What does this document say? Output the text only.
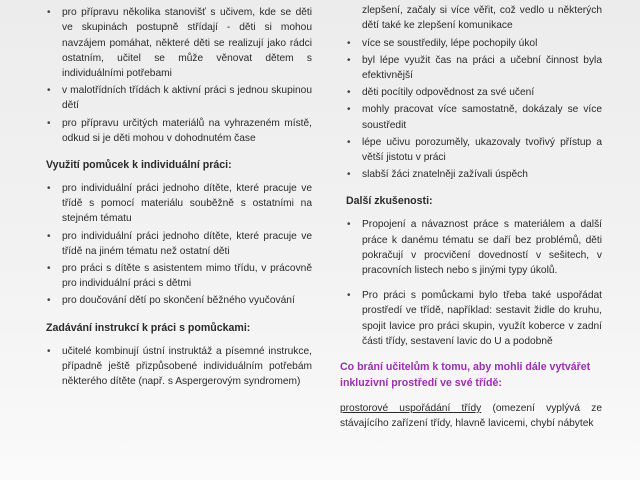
•
• pro přípravu několika stanovišť s učivem, kde se děti ve skupinách postupně střídají - děti si mohou navzájem pomáhat, některé děti se realizují jako rádci ostatním, učitel se může věnovat dětem s individuálními potřebami
• v malotřídních třídách k aktivní práci s jednou skupinou dětí
• pro přípravu určitých materiálů na vyhrazeném místě, odkud si je děti mohou v dohodnutém čase
Využití pomůcek k individuální práci:
• pro individuální práci jednoho dítěte, které pracuje ve třídě s pomocí materiálu souběžně s ostatními na stejném tématu
• pro individuální práci jednoho dítěte, které pracuje ve třídě na jiném tématu než ostatní děti
• pro práci s dítěte s asistentem mimo třídu, v prácovně pro individuální práci s dětmi
• pro doučování dětí po skončení běžného vyučování
Zadávání instrukcí k práci s pomůckami:
• učitelé kombinují ústní instruktáž a písemné instrukce, případně ještě přizpůsobené individuálním potřebám některého dítěte (např. s Aspergerovým syndromem)
• zlepšení, začaly si více věřit, což vedlo u některých dětí také ke zlepšení komunikace
• více se soustředily, lépe pochopily úkol
• byl lépe využit čas na práci a učební činnost byla efektivnější
• děti pocítily odpovědnost za své učení
• mohly pracovat více samostatně, dokázaly se více soustředit
• lépe učivu porozuměly, ukazovaly tvořivý přístup a větší jistotu v práci
• slabší žáci znatelněji zažívali úspěch
Další zkušenosti:
• Propojení a návaznost práce s materiálem a další práce k danému tématu se daří bez problémů, děti pokračují v procvičení dovedností v sešitech, v pracovních listech nebo s jinými typy úkolů.
• Pro práci s pomůckami bylo třeba také uspořádat prostředí ve třídě, například: sestavit židle do kruhu, spojit lavice pro práci skupin, využít koberce v zadní části třídy, sestavení lavic do U a podobně
Co brání učitelům k tomu, aby mohli dále vytvářet inkluzivní prostředí ve své třídě:
prostorové uspořádání třídy (omezení vyplývá ze stávajícího zařízení třídy, hlavně lavicemi, chybí nábytek
